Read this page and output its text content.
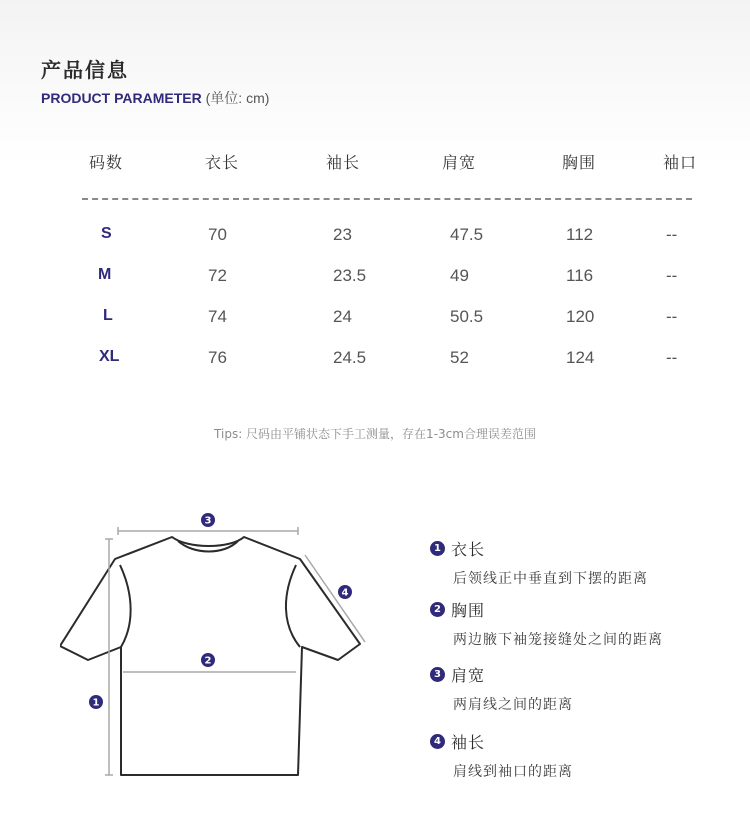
产品信息
PRODUCT PARAMETER (单位: cm)
码数	衣长	袖长	肩宽	胸围	袖口
S	70	23	47.5	112	--
M	72	23.5	49	116	--
L	74	24	50.5	120	--
XL	76	24.5	52	124	--
Tips: 尺码由平铺状态下手工测量，存在1-3cm合理误差范围
1
2
3
4
1 衣长
后领线正中垂直到下摆的距离
2 胸围
两边腋下袖笼接缝处之间的距离
3 肩宽
两肩线之间的距离
4 袖长
肩线到袖口的距离
